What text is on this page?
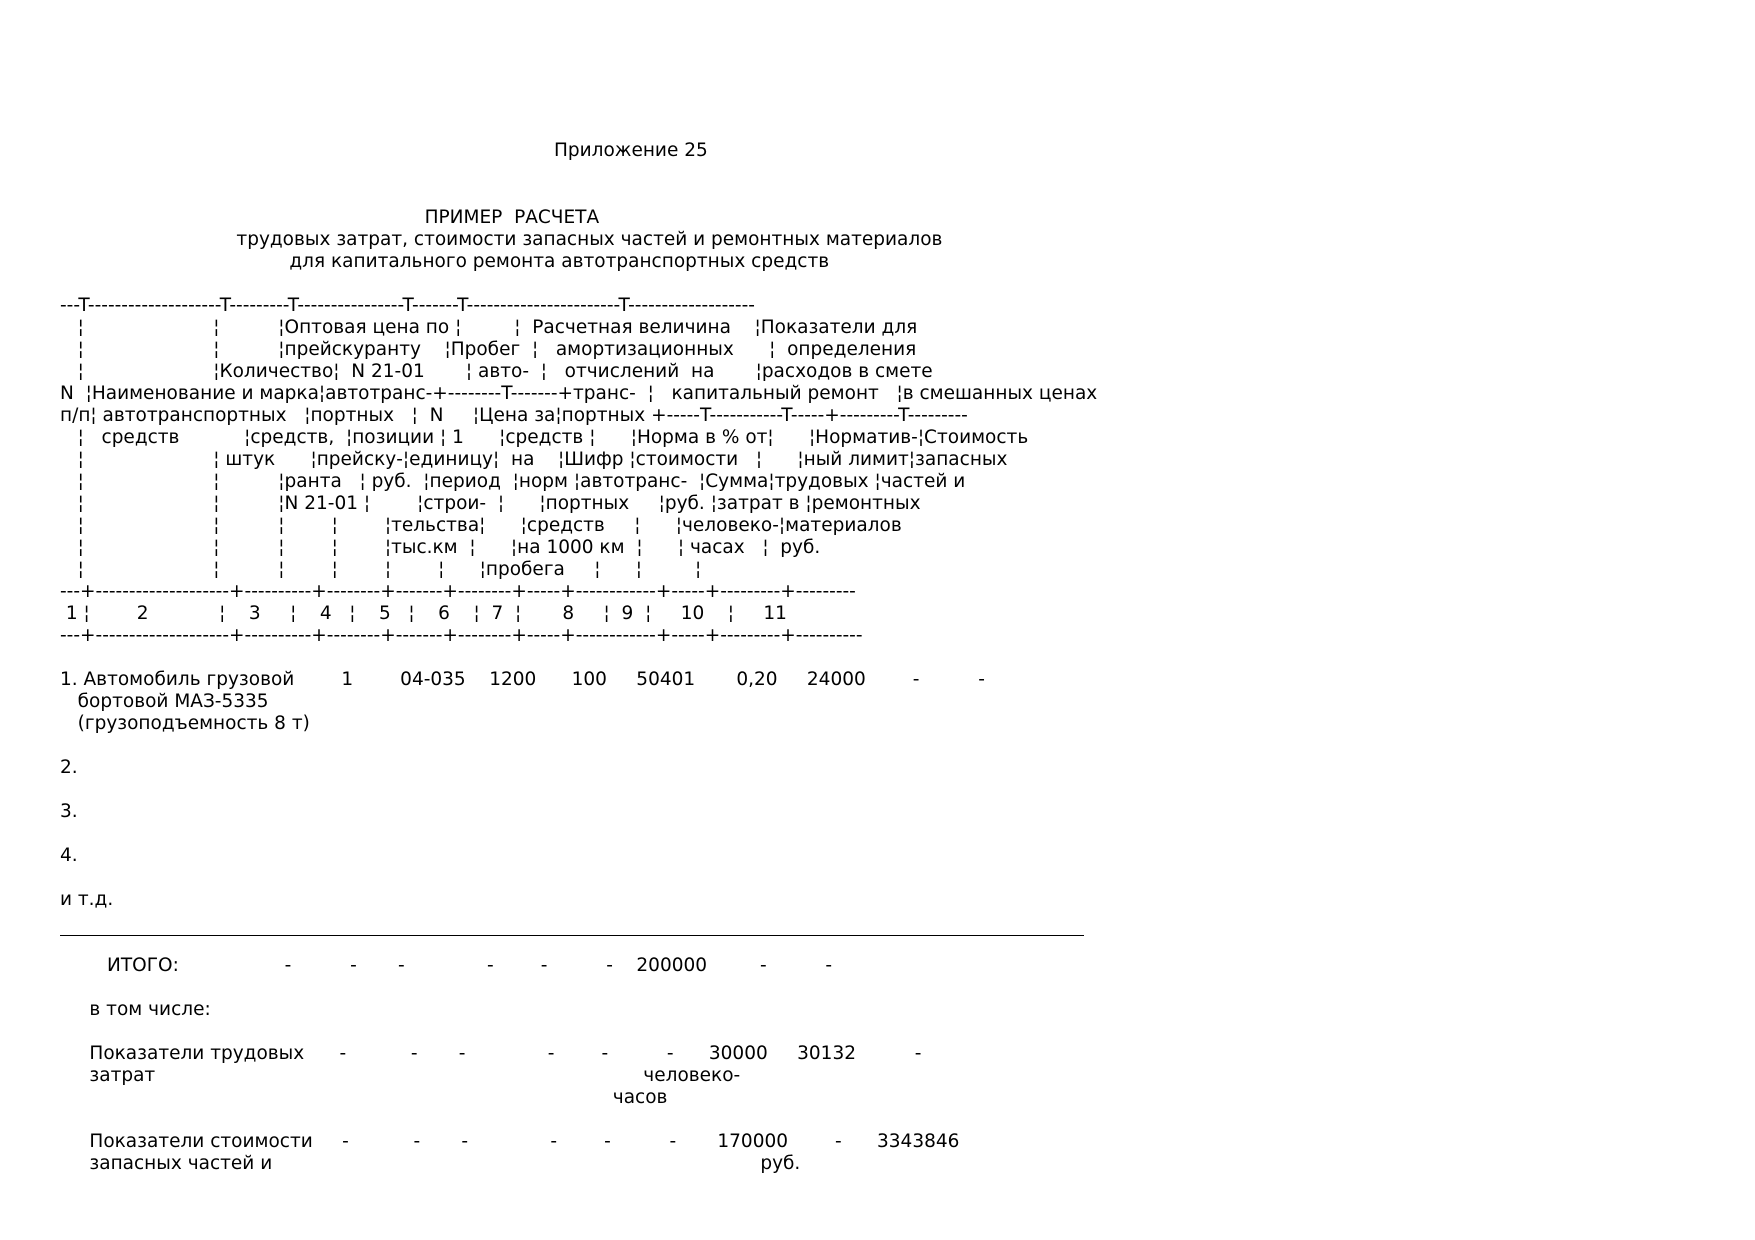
Приложение 25
ПРИМЕР  РАСЧЕТА
трудовых затрат, стоимости запасных частей и ремонтных материалов
для капитального ремонта автотранспортных средств
---T--------------------T---------T----------------T-------T-----------------------T-------------------
¦                      ¦          ¦Оптовая цена по ¦         ¦  Расчетная величина    ¦Показатели для
¦                      ¦          ¦прейскуранту    ¦Пробег  ¦   амортизационных      ¦  определения
¦                      ¦Количество¦  N 21-01       ¦ авто-  ¦   отчислений  на       ¦расходов в смете
N  ¦Наименование и марка¦автотранс-+--------T-------+транс-  ¦   капитальный ремонт   ¦в смешанных ценах
п/п¦ автотранспортных   ¦портных   ¦  N     ¦Цена за¦портных +-----T-----------T-----+---------T---------
¦   средств           ¦средств,  ¦позиции ¦ 1      ¦средств ¦      ¦Норма в % от¦      ¦Норматив-¦Стоимость
¦                      ¦ штук      ¦прейску-¦единицу¦  на    ¦Шифр ¦стоимости   ¦      ¦ный лимит¦запасных
¦                      ¦          ¦ранта   ¦ руб.  ¦период  ¦норм ¦автотранс-  ¦Сумма¦трудовых ¦частей и
¦                      ¦          ¦N 21-01 ¦        ¦строи-  ¦      ¦портных     ¦руб. ¦затрат в ¦ремонтных
¦                      ¦          ¦        ¦        ¦тельства¦      ¦средств     ¦      ¦человеко-¦материалов
¦                      ¦          ¦        ¦        ¦тыс.км  ¦      ¦на 1000 км  ¦      ¦ часах   ¦  руб.
¦                      ¦          ¦        ¦        ¦        ¦      ¦пробега     ¦      ¦         ¦
---+--------------------+----------+--------+-------+--------+-----+------------+-----+---------+---------
1 ¦        2            ¦    3     ¦    4   ¦    5   ¦    6    ¦  7  ¦       8     ¦  9  ¦     10    ¦     11
---+--------------------+----------+--------+-------+--------+-----+------------+-----+---------+----------
1. Автомобиль грузовой        1        04-035    1200      100     50401       0,20     24000        -          -
бортовой МАЗ-5335
(грузоподъемность 8 т)
2.
3.
4.
и т.д.
ИТОГО:                  -          -       -              -        -          -    200000         -          -
в том числе:
Показатели трудовых      -           -       -              -        -          -      30000     30132          -
затрат                                                                                   человеко-
часов
Показатели стоимости     -           -       -              -        -          -       170000        -      3343846
запасных частей и                                                                                   руб.
